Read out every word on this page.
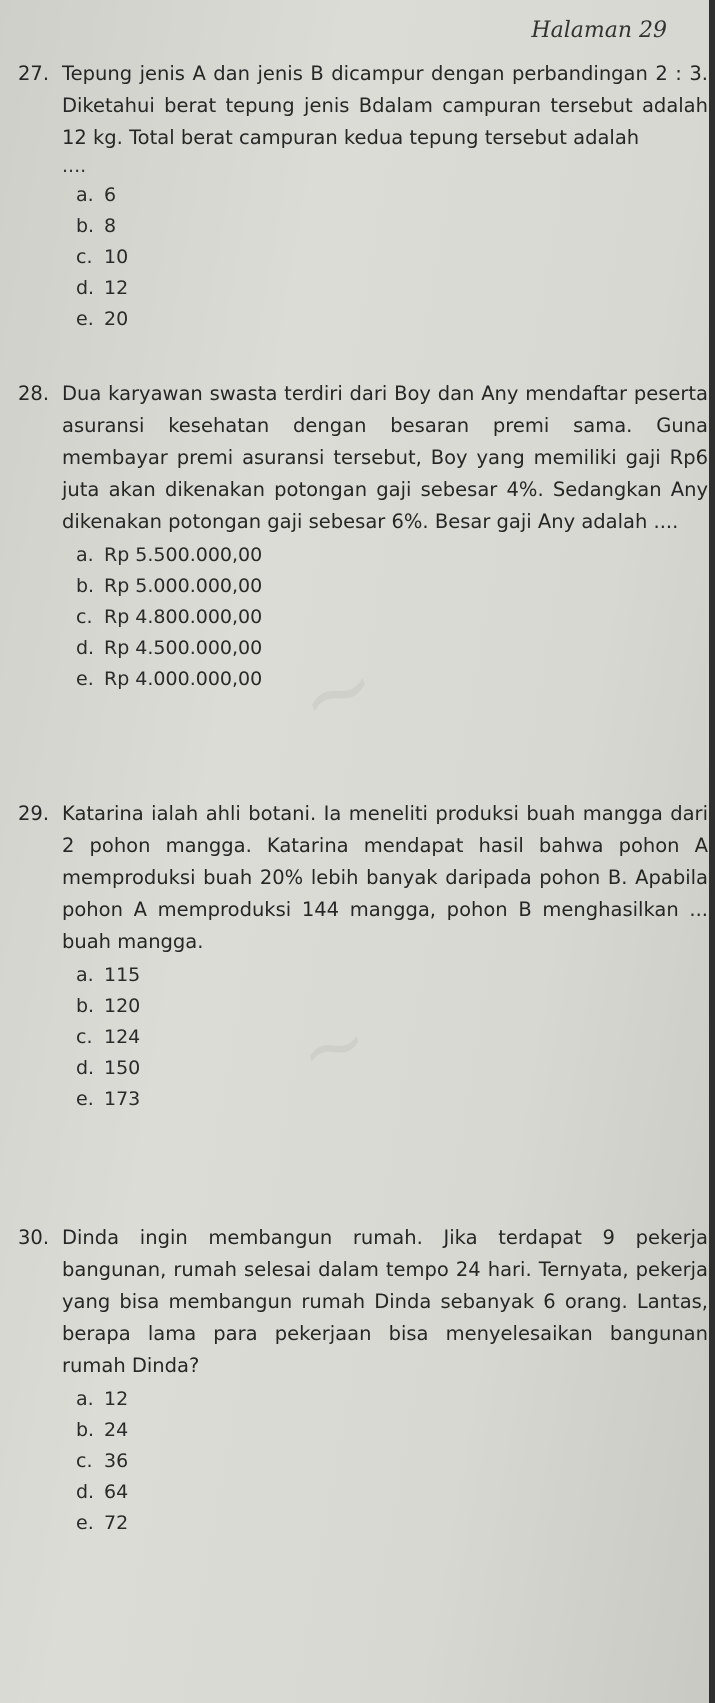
~
~
Halaman 29

27. Tepung jenis A dan jenis B dicampur dengan perbandingan 2 : 3. Diketahui berat tepung jenis Bdalam campuran tersebut adalah 12 kg. Total berat campuran kedua tepung tersebut adalah

....
a. 6
b. 8
c. 10
d. 12
e. 20

28. Dua karyawan swasta terdiri dari Boy dan Any mendaftar peserta asuransi kesehatan dengan besaran premi sama. Guna membayar premi asuransi tersebut, Boy yang memiliki gaji Rp6 juta akan dikenakan potongan gaji sebesar 4%. Sedangkan Any dikenakan potongan gaji sebesar 6%. Besar gaji Any adalah ....

a. Rp 5.500.000,00
b. Rp 5.000.000,00
c. Rp 4.800.000,00
d. Rp 4.500.000,00
e. Rp 4.000.000,00

29. Katarina ialah ahli botani. Ia meneliti produksi buah mangga dari 2 pohon mangga. Katarina mendapat hasil bahwa pohon A memproduksi buah 20% lebih banyak daripada pohon B. Apabila pohon A memproduksi 144 mangga, pohon B menghasilkan ... buah mangga.

a. 115
b. 120
c. 124
d. 150
e. 173

30. Dinda ingin membangun rumah. Jika terdapat 9 pekerja bangunan, rumah selesai dalam tempo 24 hari. Ternyata, pekerja yang bisa membangun rumah Dinda sebanyak 6 orang. Lantas, berapa lama para pekerjaan bisa menyelesaikan bangunan rumah Dinda?

a. 12
b. 24
c. 36
d. 64
e. 72
